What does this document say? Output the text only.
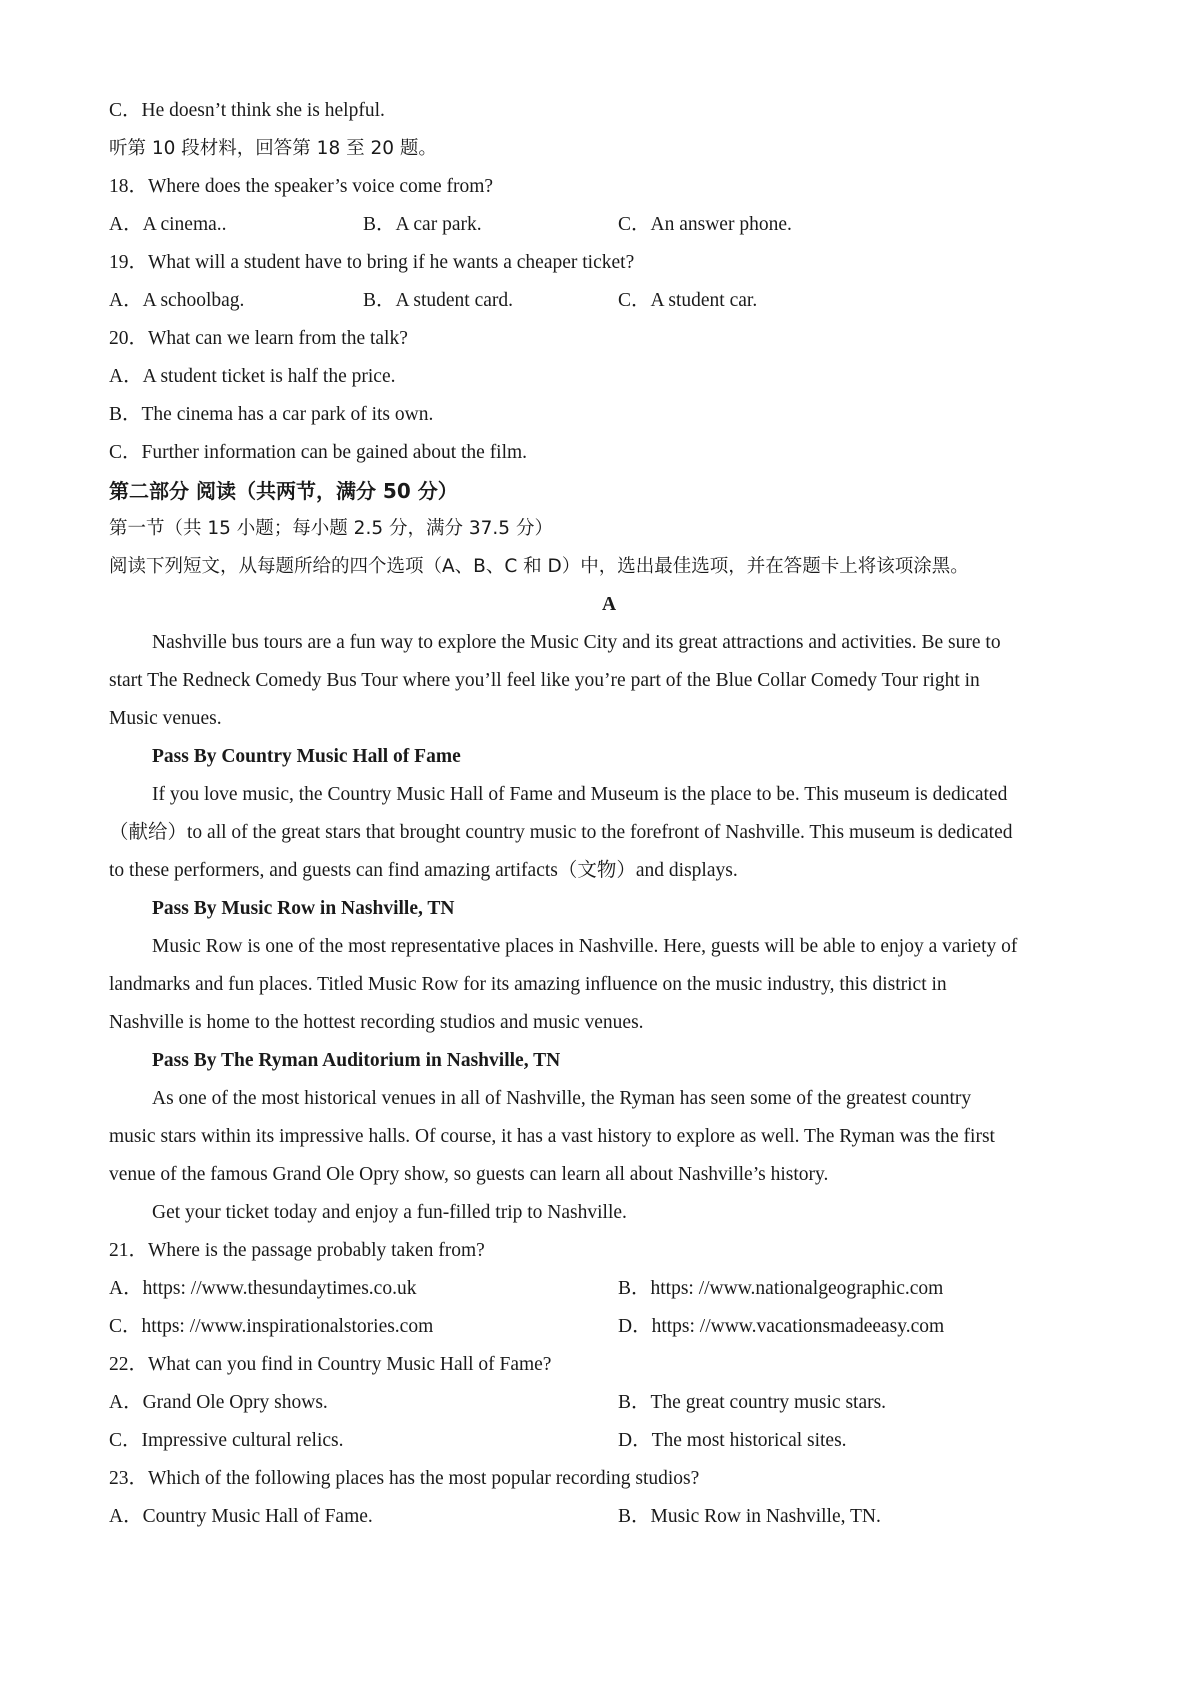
C．He doesn’t think she is helpful.
听第 10 段材料，回答第 18 至 20 题。
18．Where does the speaker’s voice come from?
A．A cinema..	B．A car park.	C．An answer phone.
19．What will a student have to bring if he wants a cheaper ticket?
A．A schoolbag.	B．A student card.	C．A student car.
20．What can we learn from the talk?
A．A student ticket is half the price.
B．The cinema has a car park of its own.
C．Further information can be gained about the film.
第二部分 阅读（共两节，满分 50 分）
第一节（共 15 小题；每小题 2.5 分，满分 37.5 分）
阅读下列短文，从每题所给的四个选项（A、B、C 和 D）中，选出最佳选项，并在答题卡上将该项涂黑。
A
Nashville bus tours are a fun way to explore the Music City and its great attractions and activities. Be sure to
start The Redneck Comedy Bus Tour where you’ll feel like you’re part of the Blue Collar Comedy Tour right in
Music venues.
Pass By Country Music Hall of Fame
If you love music, the Country Music Hall of Fame and Museum is the place to be. This museum is dedicated
（献给）to all of the great stars that brought country music to the forefront of Nashville. This museum is dedicated
to these performers, and guests can find amazing artifacts（文物）and displays.
Pass By Music Row in Nashville, TN
Music Row is one of the most representative places in Nashville. Here, guests will be able to enjoy a variety of
landmarks and fun places. Titled Music Row for its amazing influence on the music industry, this district in
Nashville is home to the hottest recording studios and music venues.
Pass By The Ryman Auditorium in Nashville, TN
As one of the most historical venues in all of Nashville, the Ryman has seen some of the greatest country
music stars within its impressive halls. Of course, it has a vast history to explore as well. The Ryman was the first
venue of the famous Grand Ole Opry show, so guests can learn all about Nashville’s history.
Get your ticket today and enjoy a fun-filled trip to Nashville.
21．Where is the passage probably taken from?
A．https: //www.thesundaytimes.co.uk	B．https: //www.nationalgeographic.com
C．https: //www.inspirationalstories.com	D．https: //www.vacationsmadeeasy.com
22．What can you find in Country Music Hall of Fame?
A．Grand Ole Opry shows.	B．The great country music stars.
C．Impressive cultural relics.	D．The most historical sites.
23．Which of the following places has the most popular recording studios?
A．Country Music Hall of Fame.	B．Music Row in Nashville, TN.
